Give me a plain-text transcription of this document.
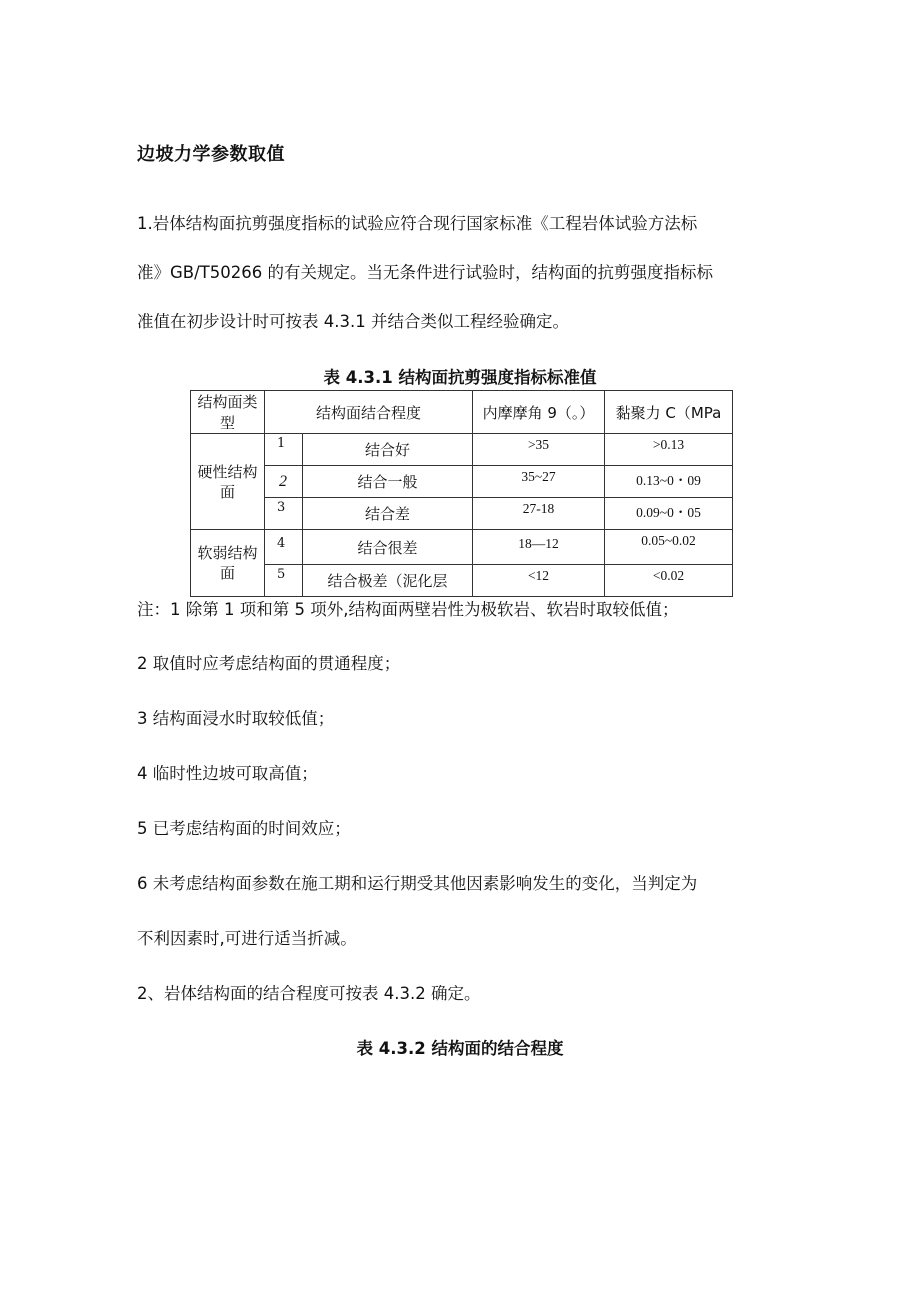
边坡力学参数取值
1.岩体结构面抗剪强度指标的试验应符合现行国家标准《工程岩体试验方法标
准》GB/T50266 的有关规定。当无条件进行试验时，结构面的抗剪强度指标标
准值在初步设计时可按表 4.3.1 并结合类似工程经验确定。
表 4.3.1 结构面抗剪强度指标标准值
结构面类型	结构面结合程度		内摩摩角 9（。）	黏聚力 C（MPa
硬性结构
面	1	结合好	>35	>0.13
	2	结合一般	35~27	0.13~0・09
	3	结合差	27-18	0.09~0・05
软弱结构
面	4	结合很差	18—12	0.05~0.02
	5	结合极差（泥化层	<12	<0.02
注：1 除第 1 项和第 5 项外,结构面两壁岩性为极软岩、软岩时取较低值；
2 取值时应考虑结构面的贯通程度；
3 结构面浸水时取较低值；
4 临时性边坡可取高值；
5 已考虑结构面的时间效应；
6 未考虑结构面参数在施工期和运行期受其他因素影响发生的变化，当判定为
不利因素时,可进行适当折减。
2、岩体结构面的结合程度可按表 4.3.2 确定。
表 4.3.2 结构面的结合程度
